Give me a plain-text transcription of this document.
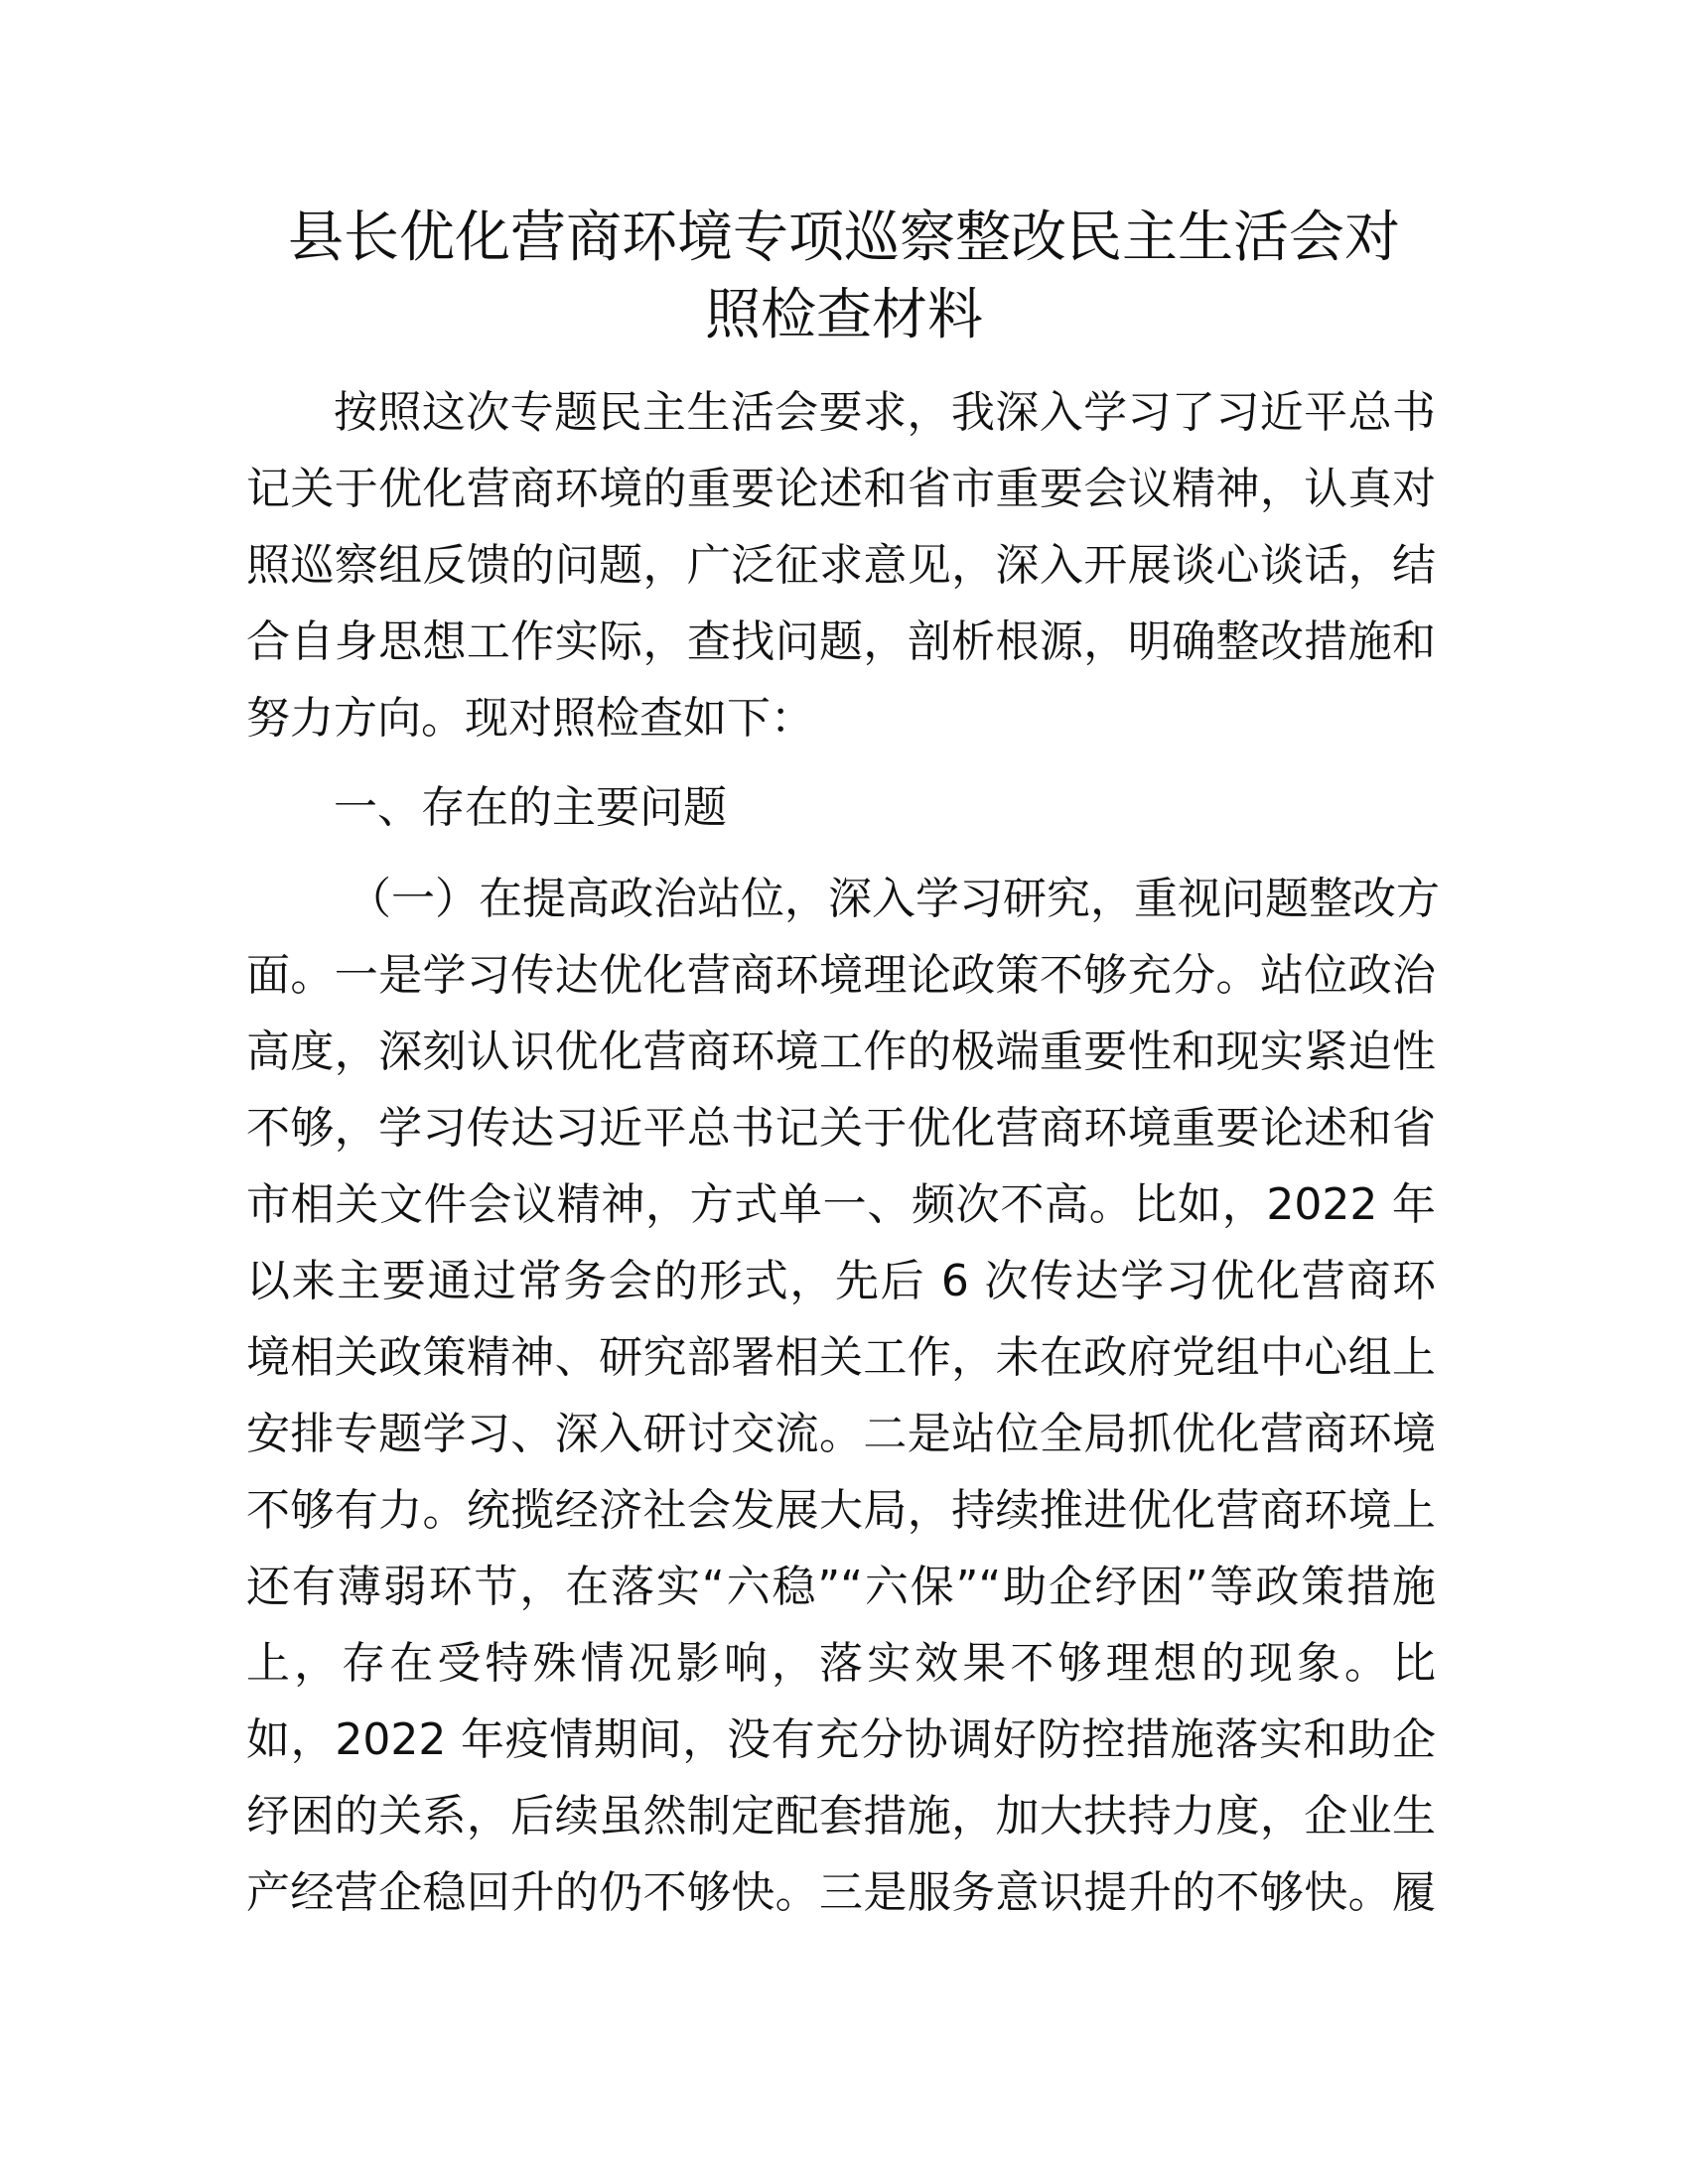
县长优化营商环境专项巡察整改民主生活会对
照检查材料
按照这次专题民主生活会要求，我深入学习了习近平总书
记关于优化营商环境的重要论述和省市重要会议精神，认真对
照巡察组反馈的问题，广泛征求意见，深入开展谈心谈话，结
合自身思想工作实际，查找问题，剖析根源，明确整改措施和
努力方向。现对照检查如下：
一、存在的主要问题
（一）在提高政治站位，深入学习研究，重视问题整改方
面。一是学习传达优化营商环境理论政策不够充分。站位政治
高度，深刻认识优化营商环境工作的极端重要性和现实紧迫性
不够，学习传达习近平总书记关于优化营商环境重要论述和省
市相关文件会议精神，方式单一、频次不高。比如，2022 年
以来主要通过常务会的形式，先后 6 次传达学习优化营商环
境相关政策精神、研究部署相关工作，未在政府党组中心组上
安排专题学习、深入研讨交流。二是站位全局抓优化营商环境
不够有力。统揽经济社会发展大局，持续推进优化营商环境上
还有薄弱环节，在落实“六稳”“六保”“助企纾困”等政策措施
上，存在受特殊情况影响，落实效果不够理想的现象。比
如，2022 年疫情期间，没有充分协调好防控措施落实和助企
纾困的关系，后续虽然制定配套措施，加大扶持力度，企业生
产经营企稳回升的仍不够快。三是服务意识提升的不够快。履
